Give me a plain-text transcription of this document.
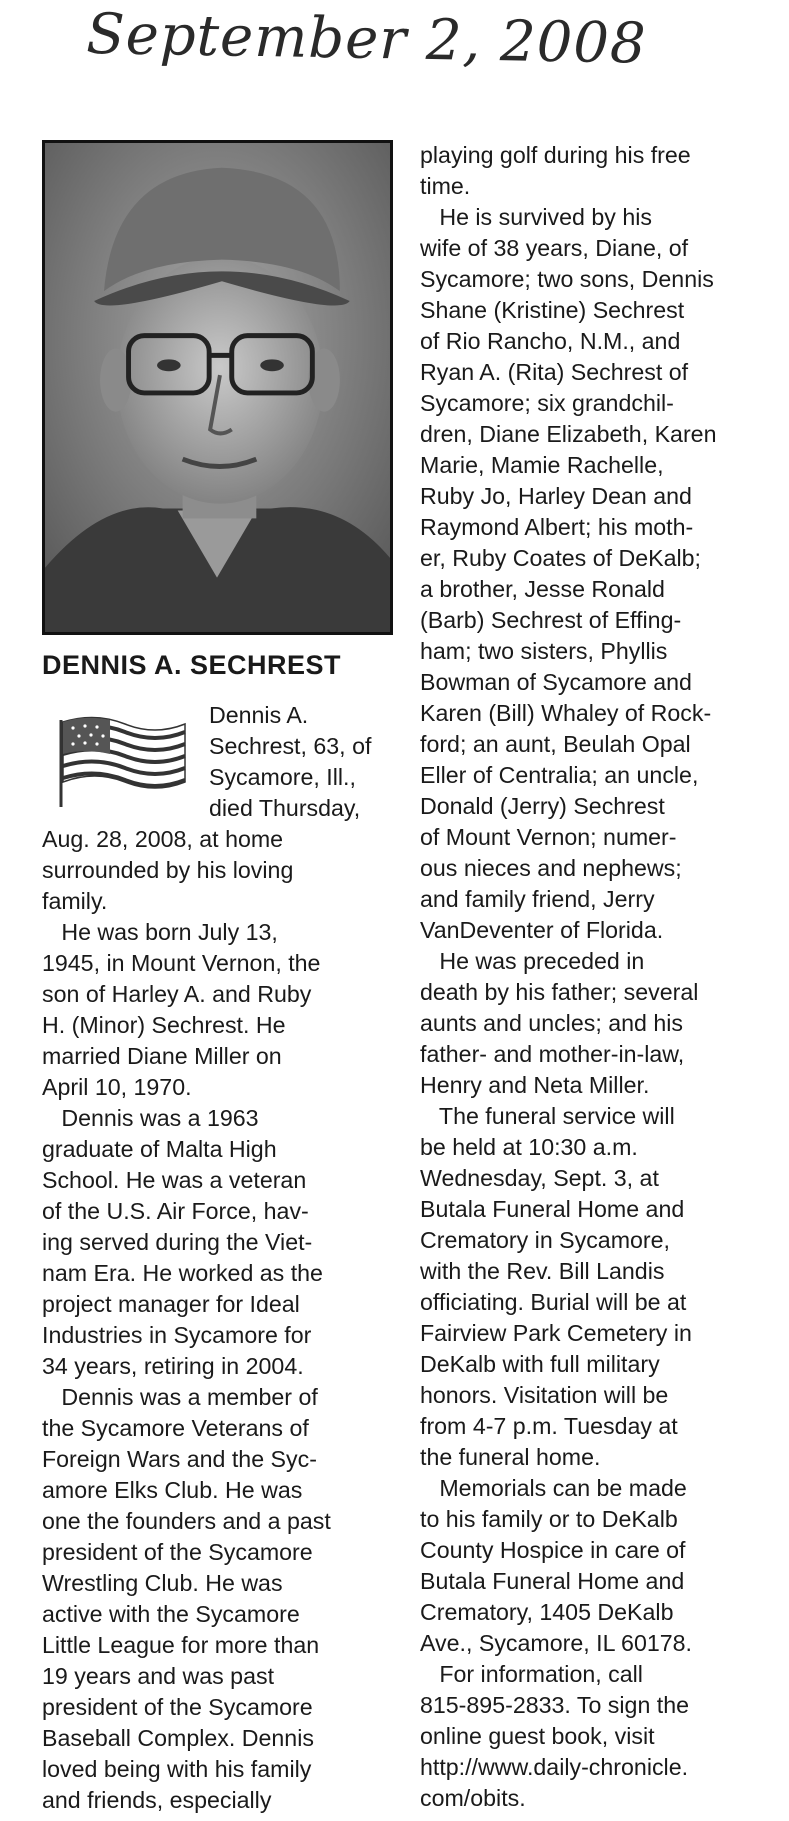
September 2, 2008
DENNIS A. SECHREST

Dennis A.

Sechrest, 63, of

Sycamore, Ill.,

died Thursday,

Aug. 28, 2008, at home

surrounded by his loving

family.

He was born July 13,

1945, in Mount Vernon, the

son of Harley A. and Ruby

H. (Minor) Sechrest. He

married Diane Miller on

April 10, 1970.

Dennis was a 1963

graduate of Malta High

School. He was a veteran

of the U.S. Air Force, hav-

ing served during the Viet-

nam Era. He worked as the

project manager for Ideal

Industries in Sycamore for

34 years, retiring in 2004.

Dennis was a member of

the Sycamore Veterans of

Foreign Wars and the Syc-

amore Elks Club. He was

one the founders and a past

president of the Sycamore

Wrestling Club. He was

active with the Sycamore

Little League for more than

19 years and was past

president of the Sycamore

Baseball Complex. Dennis

loved being with his family

and friends, especially

playing golf during his free

time.

He is survived by his

wife of 38 years, Diane, of

Sycamore; two sons, Dennis

Shane (Kristine) Sechrest

of Rio Rancho, N.M., and

Ryan A. (Rita) Sechrest of

Sycamore; six grandchil-

dren, Diane Elizabeth, Karen

Marie, Mamie Rachelle,

Ruby Jo, Harley Dean and

Raymond Albert; his moth-

er, Ruby Coates of DeKalb;

a brother, Jesse Ronald

(Barb) Sechrest of Effing-

ham; two sisters, Phyllis

Bowman of Sycamore and

Karen (Bill) Whaley of Rock-

ford; an aunt, Beulah Opal

Eller of Centralia; an uncle,

Donald (Jerry) Sechrest

of Mount Vernon; numer-

ous nieces and nephews;

and family friend, Jerry

VanDeventer of Florida.

He was preceded in

death by his father; several

aunts and uncles; and his

father- and mother-in-law,

Henry and Neta Miller.

The funeral service will

be held at 10:30 a.m.

Wednesday, Sept. 3, at

Butala Funeral Home and

Crematory in Sycamore,

with the Rev. Bill Landis

officiating. Burial will be at

Fairview Park Cemetery in

DeKalb with full military

honors. Visitation will be

from 4-7 p.m. Tuesday at

the funeral home.

Memorials can be made

to his family or to DeKalb

County Hospice in care of

Butala Funeral Home and

Crematory, 1405 DeKalb

Ave., Sycamore, IL 60178.

For information, call

815-895-2833. To sign the

online guest book, visit

http://www.daily-chronicle.

com/obits.
